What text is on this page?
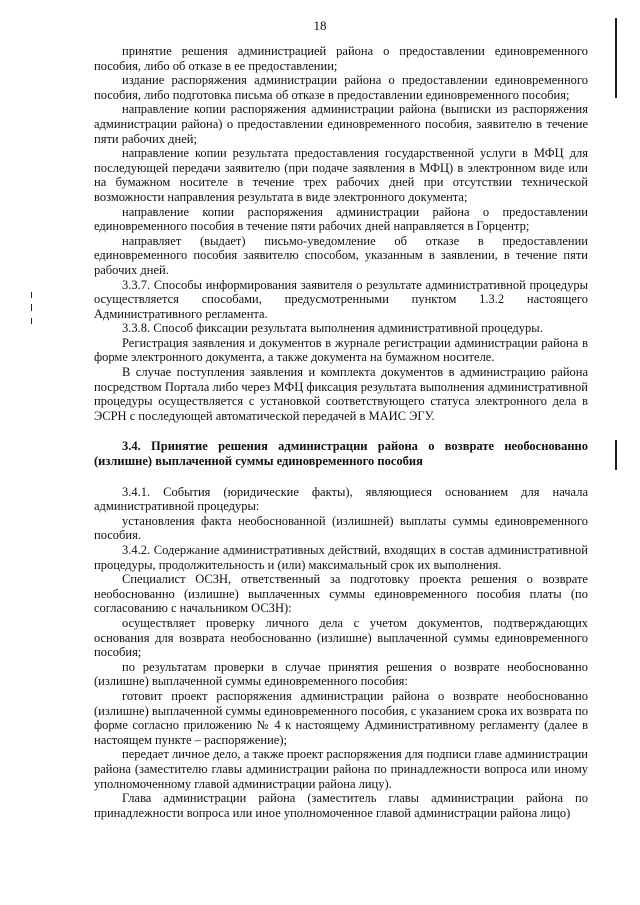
18

принятие решения администрацией района о предоставлении единовременного пособия, либо об отказе в ее предоставлении;

издание распоряжения администрации района о предоставлении единовременного пособия, либо подготовка письма об отказе в предоставлении единовременного пособия;

направление копии распоряжения администрации района (выписки из распоряжения администрации района) о предоставлении единовременного пособия, заявителю в течение пяти рабочих дней;

направление копии результата предоставления государственной услуги в МФЦ для последующей передачи заявителю (при подаче заявления в МФЦ) в электронном виде или на бумажном носителе в течение трех рабочих дней при отсутствии технической возможности направления результата в виде электронного документа;

направление копии распоряжения администрации района о предоставлении единовременного пособия в течение пяти рабочих дней направляется в Горцентр;

направляет (выдает) письмо-уведомление об отказе в предоставлении единовременного пособия заявителю способом, указанным в заявлении, в течение пяти рабочих дней.

3.3.7. Способы информирования заявителя о результате административной процедуры осуществляется способами, предусмотренными пунктом 1.3.2 настоящего Административного регламента.

3.3.8. Способ фиксации результата выполнения административной процедуры.

Регистрация заявления и документов в журнале регистрации администрации района в форме электронного документа, а также документа на бумажном носителе.

В случае поступления заявления и комплекта документов в администрацию района посредством Портала либо через МФЦ фиксация результата выполнения административной процедуры осуществляется с установкой соответствующего статуса электронного дела в ЭСРН с последующей автоматической передачей в МАИС ЭГУ.

3.4. Принятие решения администрации района о возврате необоснованно (излишне) выплаченной суммы единовременного пособия

3.4.1. События (юридические факты), являющиеся основанием для начала административной процедуры:

установления факта необоснованной (излишней) выплаты суммы единовременного пособия.

3.4.2. Содержание административных действий, входящих в состав административной процедуры, продолжительность и (или) максимальный срок их выполнения.

Специалист ОСЗН, ответственный за подготовку проекта решения о возврате необоснованно (излишне) выплаченных суммы единовременного пособия платы (по согласованию с начальником ОСЗН):

осуществляет проверку личного дела с учетом документов, подтверждающих основания для возврата необоснованно (излишне) выплаченной суммы единовременного пособия;

по результатам проверки в случае принятия решения о возврате необоснованно (излишне) выплаченной суммы единовременного пособия:

готовит проект распоряжения администрации района о возврате необоснованно (излишне) выплаченной суммы единовременного пособия, с указанием срока их возврата по форме согласно приложению № 4 к настоящему Административному регламенту (далее в настоящем пункте – распоряжение);

передает личное дело, а также проект распоряжения для подписи главе администрации района (заместителю главы администрации района по принадлежности вопроса или иному уполномоченному главой администрации района лицу).

Глава администрации района (заместитель главы администрации района по принадлежности вопроса или иное уполномоченное главой администрации района лицо)
